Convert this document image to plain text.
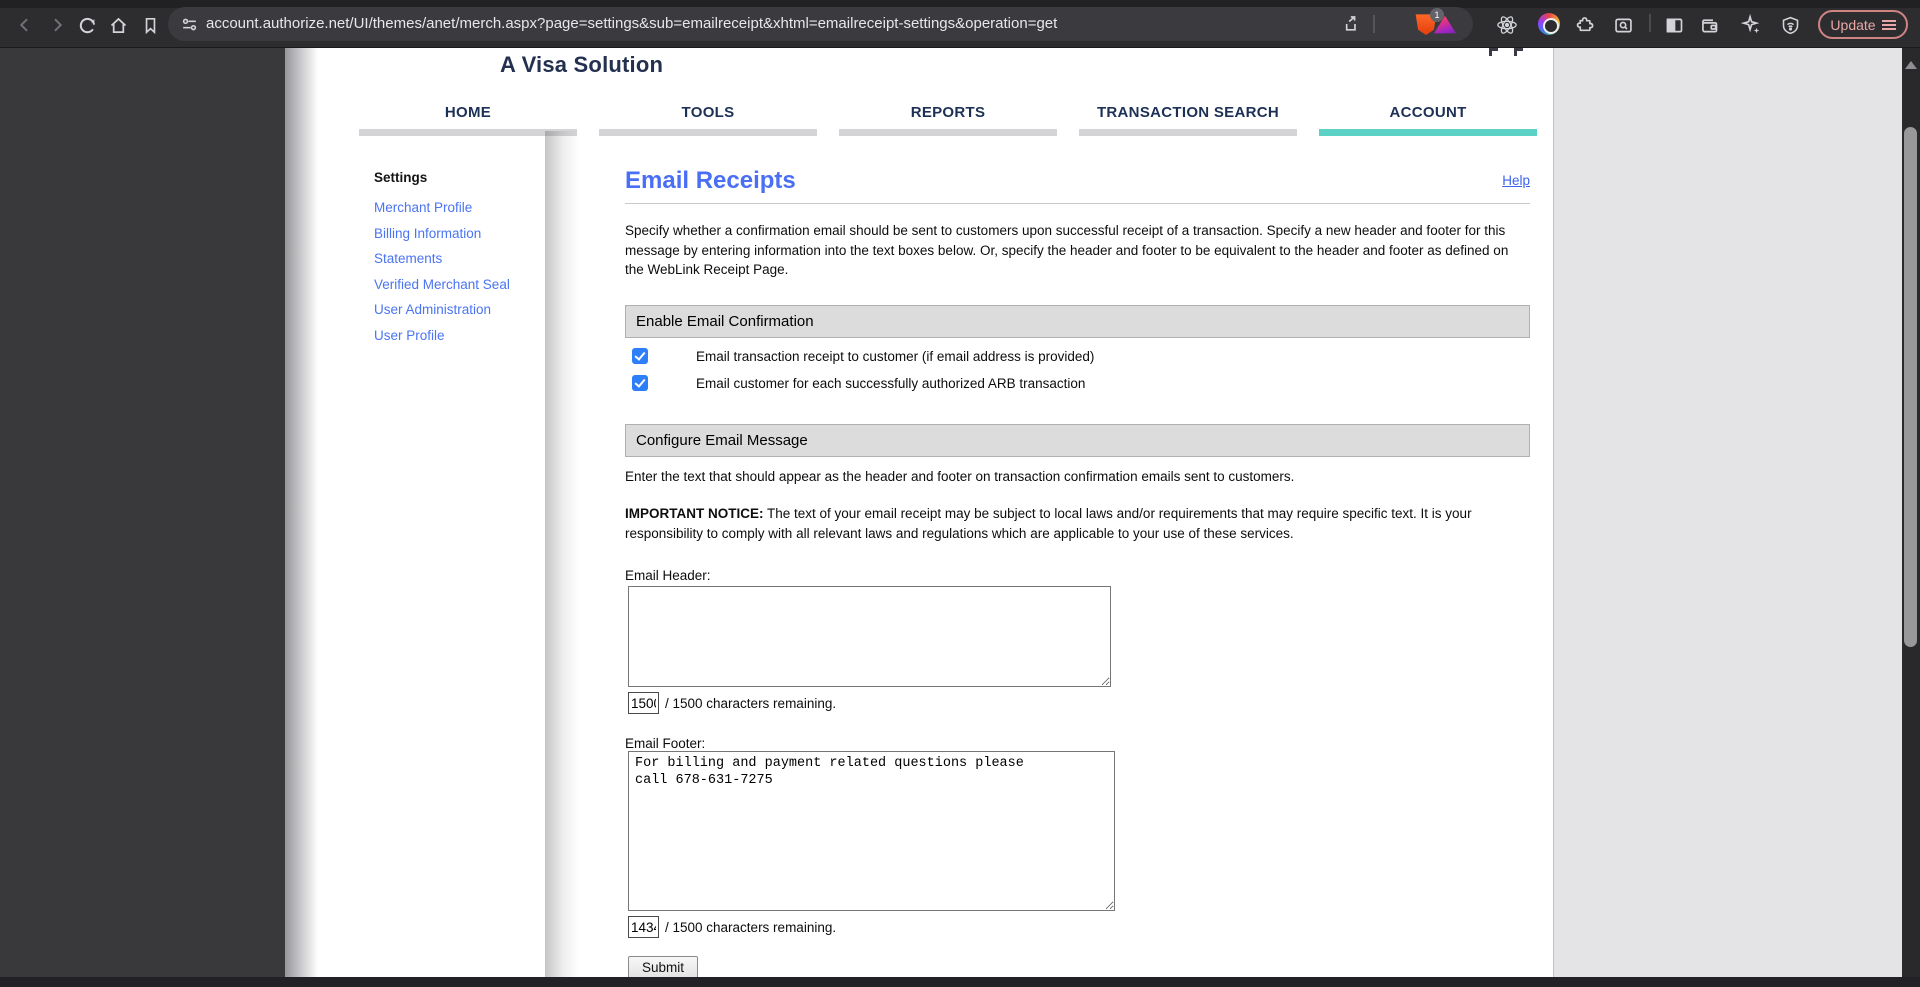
account.authorize.net/UI/themes/anet/merch.aspx?page=settings&sub=emailreceipt&xhtml=emailreceipt-settings&operation=get	1
Update
A Visa Solution
HOME	TOOLS	REPORTS	TRANSACTION SEARCH	ACCOUNT
Settings
Merchant Profile
Billing Information
Statements
Verified Merchant Seal
User Administration
User Profile
Email Receipts	Help

Specify whether a confirmation email should be sent to customers upon successful receipt of a transaction. Specify a new header and footer for this message by entering information into the text boxes below. Or, specify the header and footer to be equivalent to the header and footer as defined on the WebLink Receipt Page.

Enable Email Confirmation
Email transaction receipt to customer (if email address is provided)
Email customer for each successfully authorized ARB transaction
Configure Email Message

Enter the text that should appear as the header and footer on transaction confirmation emails sent to customers.

IMPORTANT NOTICE: The text of your email receipt may be subject to local laws and/or requirements that may require specific text. It is your responsibility to comply with all relevant laws and regulations which are applicable to your use of these services.

Email Header:
1500
/ 1500 characters remaining.
Email Footer:
For billing and payment related questions please call 678-631-7275
1434
/ 1500 characters remaining.
Submit
